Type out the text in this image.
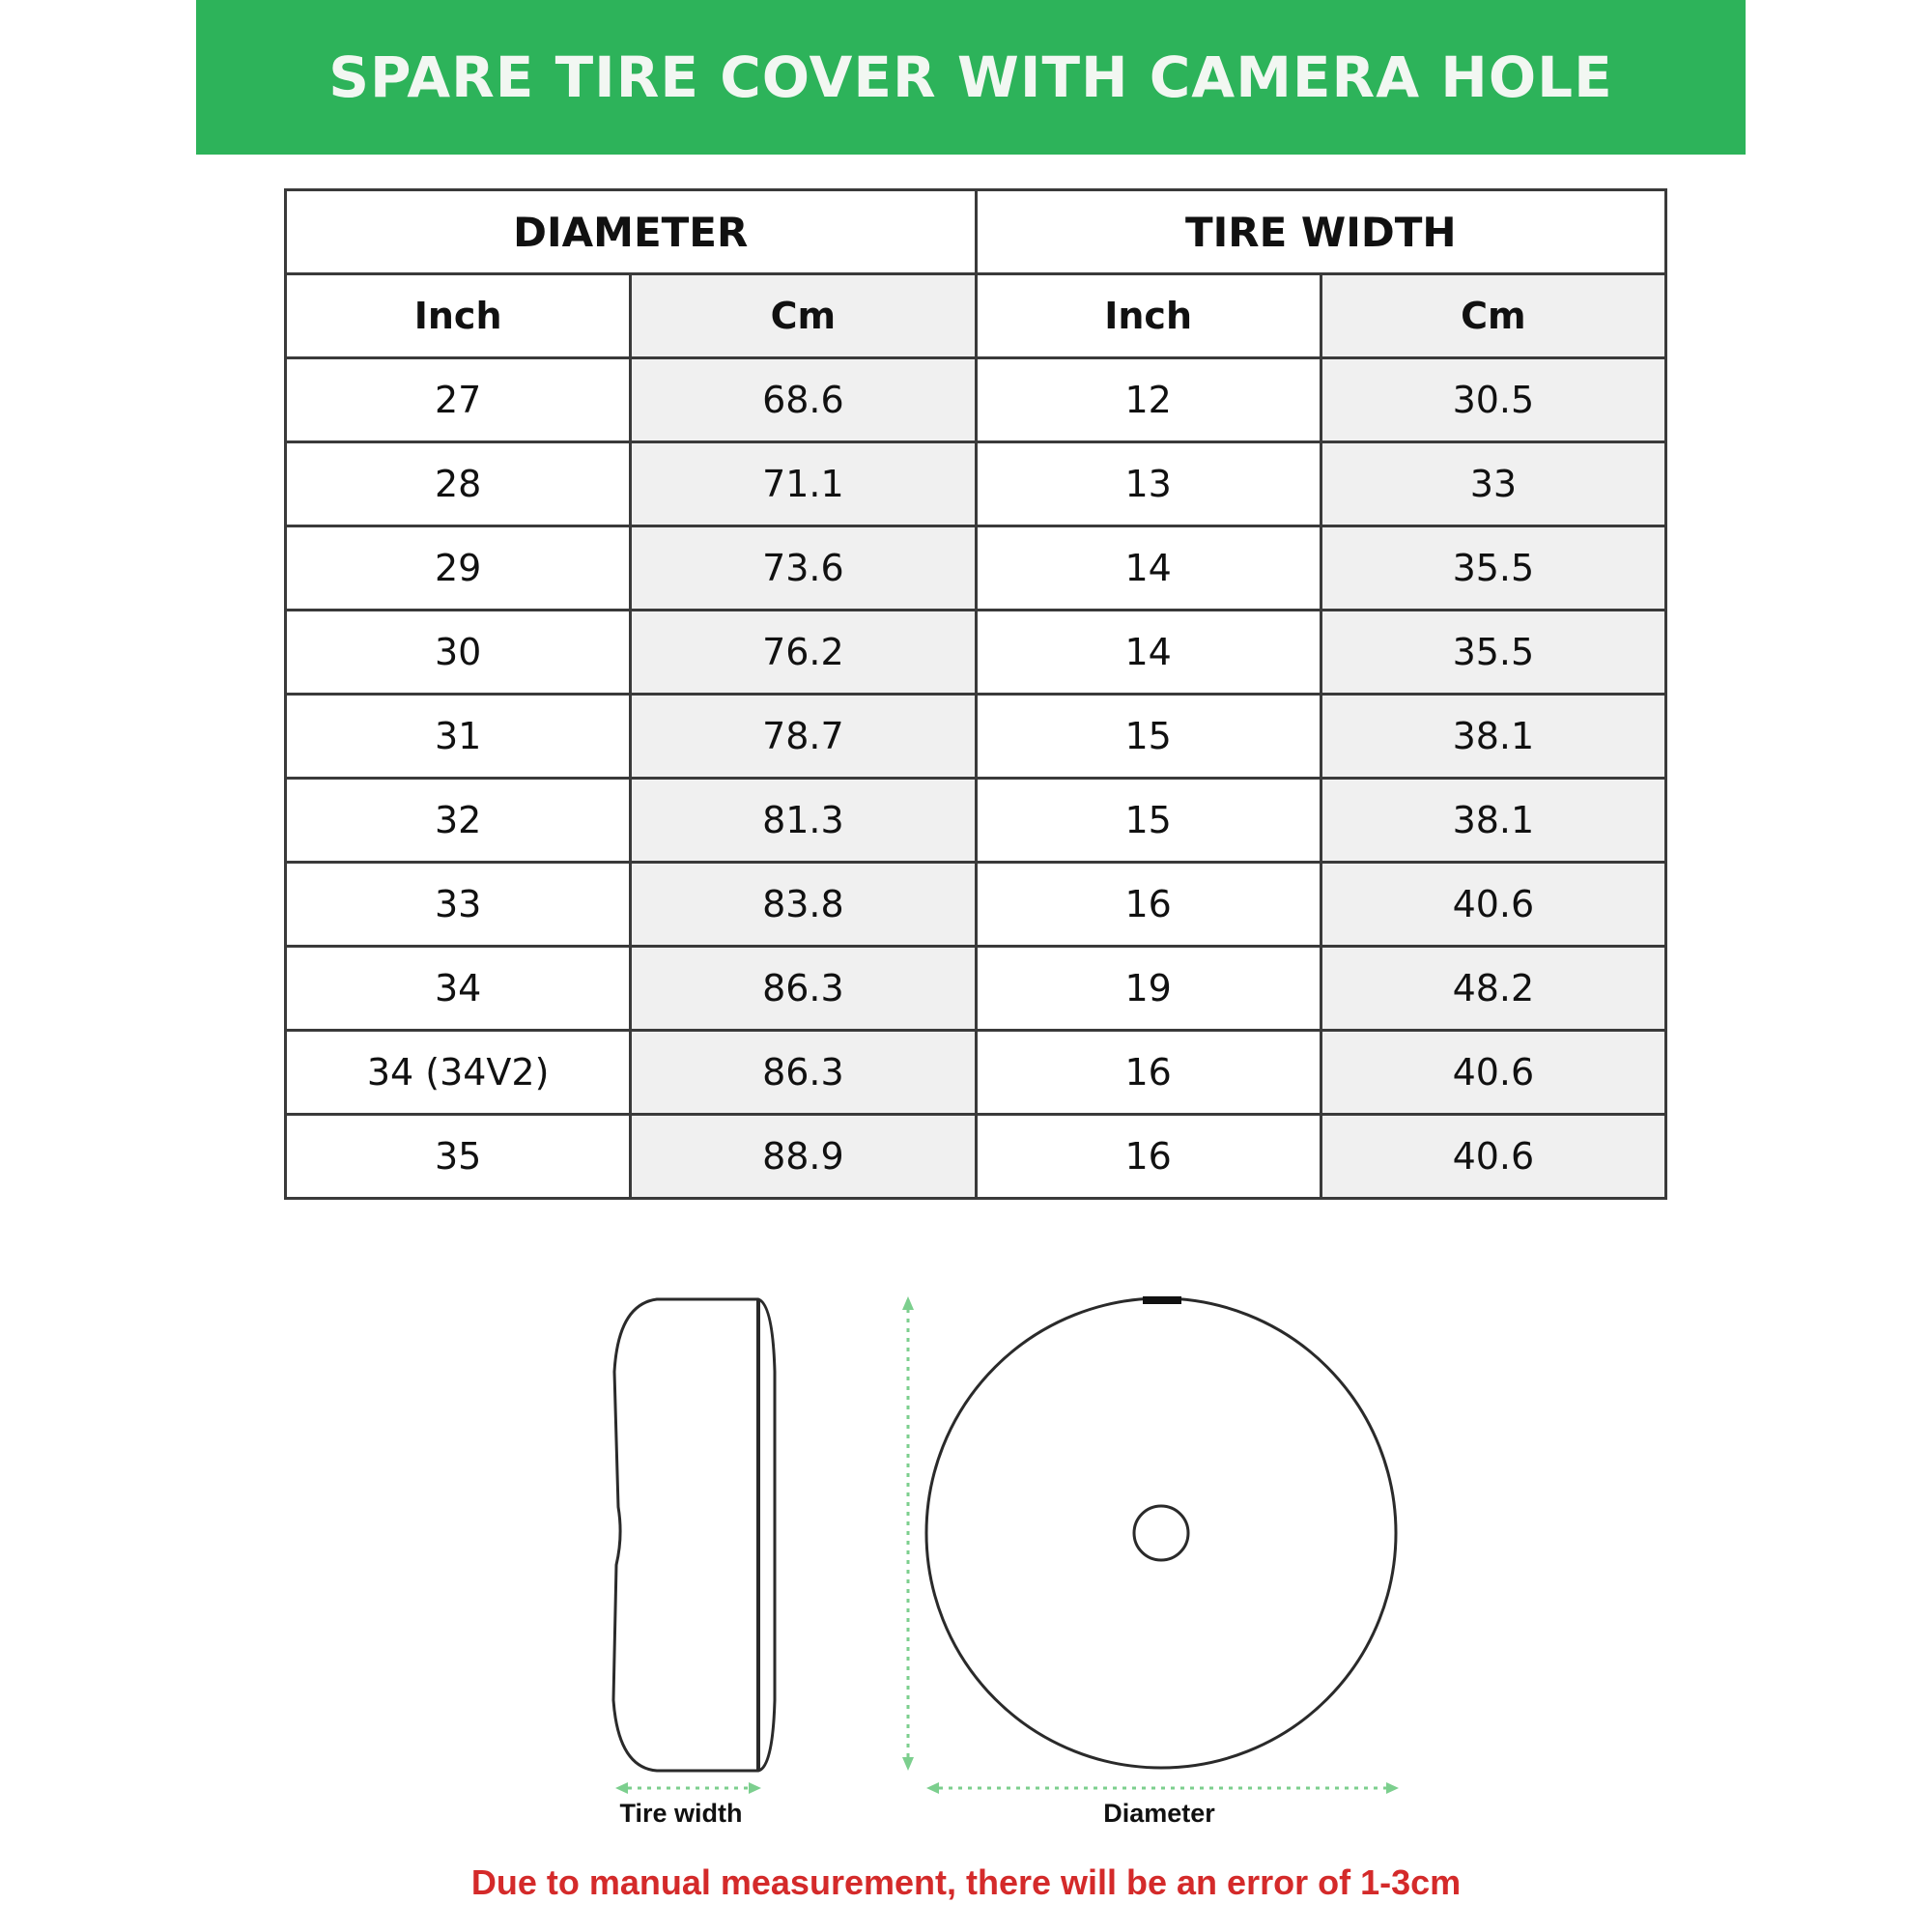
SPARE TIRE COVER WITH CAMERA HOLE
DIAMETER		TIRE WIDTH	
Inch	Cm	Inch	Cm
27	68.6	12	30.5
28	71.1	13	33
29	73.6	14	35.5
30	76.2	14	35.5
31	78.7	15	38.1
32	81.3	15	38.1
33	83.8	16	40.6
34	86.3	19	48.2
34 (34V2)	86.3	16	40.6
35	88.9	16	40.6
Tire width	Diameter
Due to manual measurement, there will be an error of 1-3cm
